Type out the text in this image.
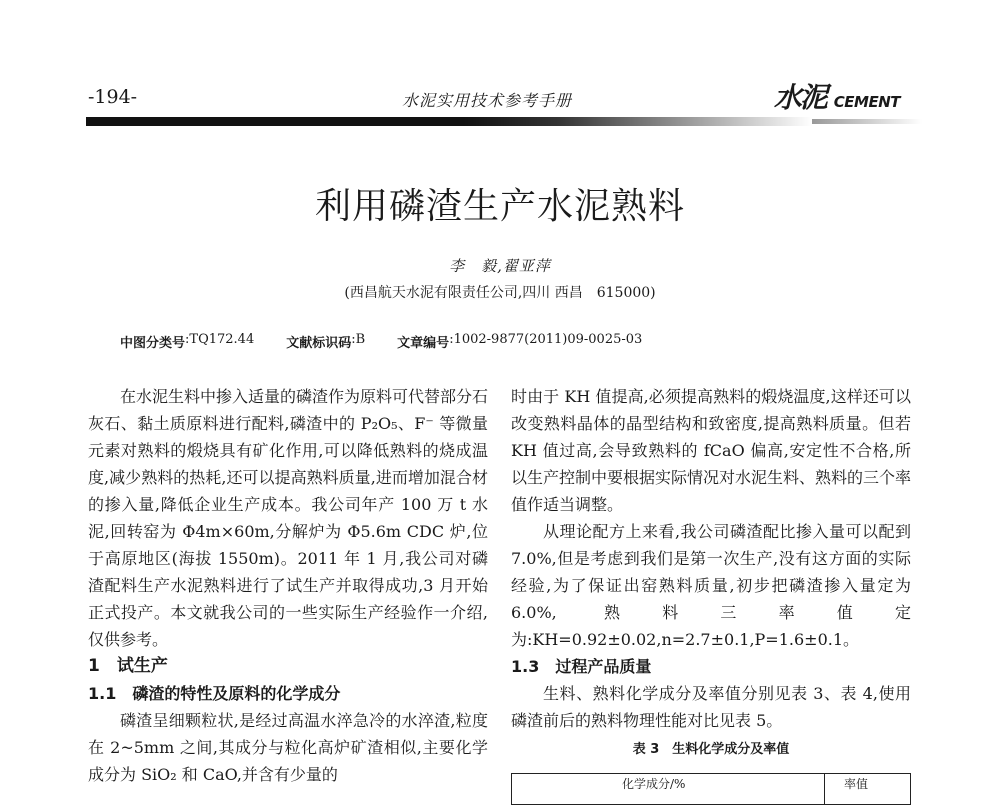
-194-	水泥实用技术参考手册	水泥 CEMENT
利用磷渣生产水泥熟料
李　毅,翟亚萍
(西昌航天水泥有限责任公司,四川 西昌　615000)
中图分类号 :TQ172.44 文献标识码 :B 文章编号 :1002-9877(2011)09-0025-03

在水泥生料中掺入适量的磷渣作为原料可代替部分石灰石、黏土质原料进行配料,磷渣中的 P₂O₅、F⁻ 等微量元素对熟料的煅烧具有矿化作用,可以降低熟料的烧成温度,减少熟料的热耗,还可以提高熟料质量,进而增加混合材的掺入量,降低企业生产成本。我公司年产 100 万 t 水泥,回转窑为 Φ4m×60m,分解炉为 Φ5.6m CDC 炉,位于高原地区(海拔 1550m)。2011 年 1 月,我公司对磷渣配料生产水泥熟料进行了试生产并取得成功,3 月开始正式投产。本文就我公司的一些实际生产经验作一介绍,仅供参考。

1　试生产

1.1　磷渣的特性及原料的化学成分

磷渣呈细颗粒状,是经过高温水淬急冷的水淬渣,粒度在 2~5mm 之间,其成分与粒化高炉矿渣相似,主要化学成分为 SiO₂ 和 CaO,并含有少量的

时由于 KH 值提高,必须提高熟料的煅烧温度,这样还可以改变熟料晶体的晶型结构和致密度,提高熟料质量。但若 KH 值过高,会导致熟料的 fCaO 偏高,安定性不合格,所以生产控制中要根据实际情况对水泥生料、熟料的三个率值作适当调整。

从理论配方上来看,我公司磷渣配比掺入量可以配到 7.0%,但是考虑到我们是第一次生产,没有这方面的实际经验,为了保证出窑熟料质量,初步把磷渣掺入量定为 6.0%, 熟料三率值定为:KH=0.92±0.02,n=2.7±0.1,P=1.6±0.1。

1.3　过程产品质量

生料、熟料化学成分及率值分别见表 3、表 4,使用磷渣前后的熟料物理性能对比见表 5。

表 3　生料化学成分及率值
化学成分/%	率值
